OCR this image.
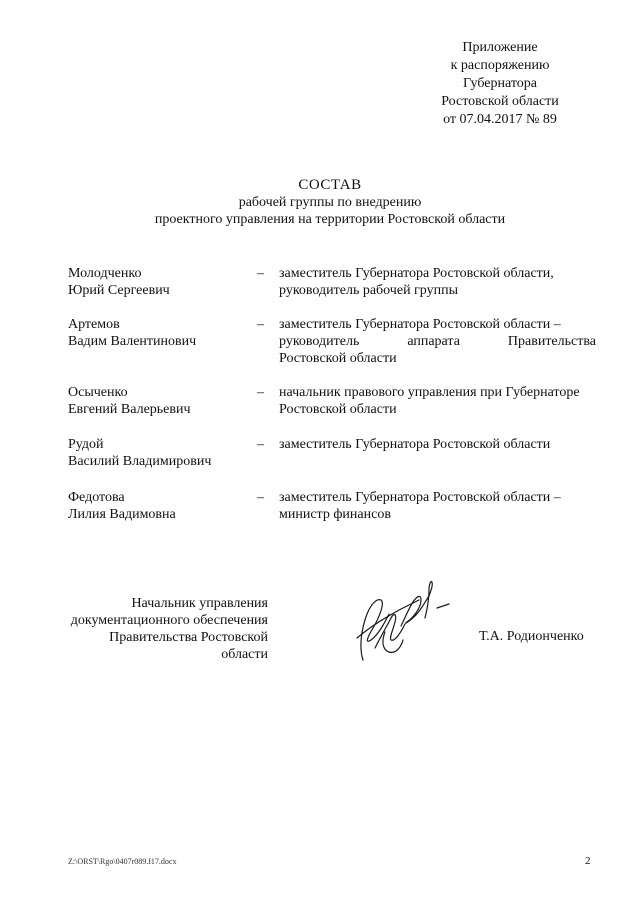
Приложение
к распоряжению
Губернатора
Ростовской области
от 07.04.2017 № 89
СОСТАВ
рабочей группы по внедрению
проектного управления на территории Ростовской области
Молодченко
Юрий Сергеевич
– заместитель Губернатора Ростовской области,
руководитель рабочей группы
Артемов
Вадим Валентинович
– заместитель Губернатора Ростовской области –
руководитель аппарата Правительства
Ростовской области
Осыченко
Евгений Валерьевич
– начальник правового управления при Губернаторе
Ростовской области
Рудой
Василий Владимирович
– заместитель Губернатора Ростовской области
Федотова
Лилия Вадимовна
– заместитель Губернатора Ростовской области –
министр финансов
Начальник управления
документационного обеспечения
Правительства Ростовской области
Т.А. Родионченко
Z:\ORST\Rgo\0407r089.f17.docx	2
